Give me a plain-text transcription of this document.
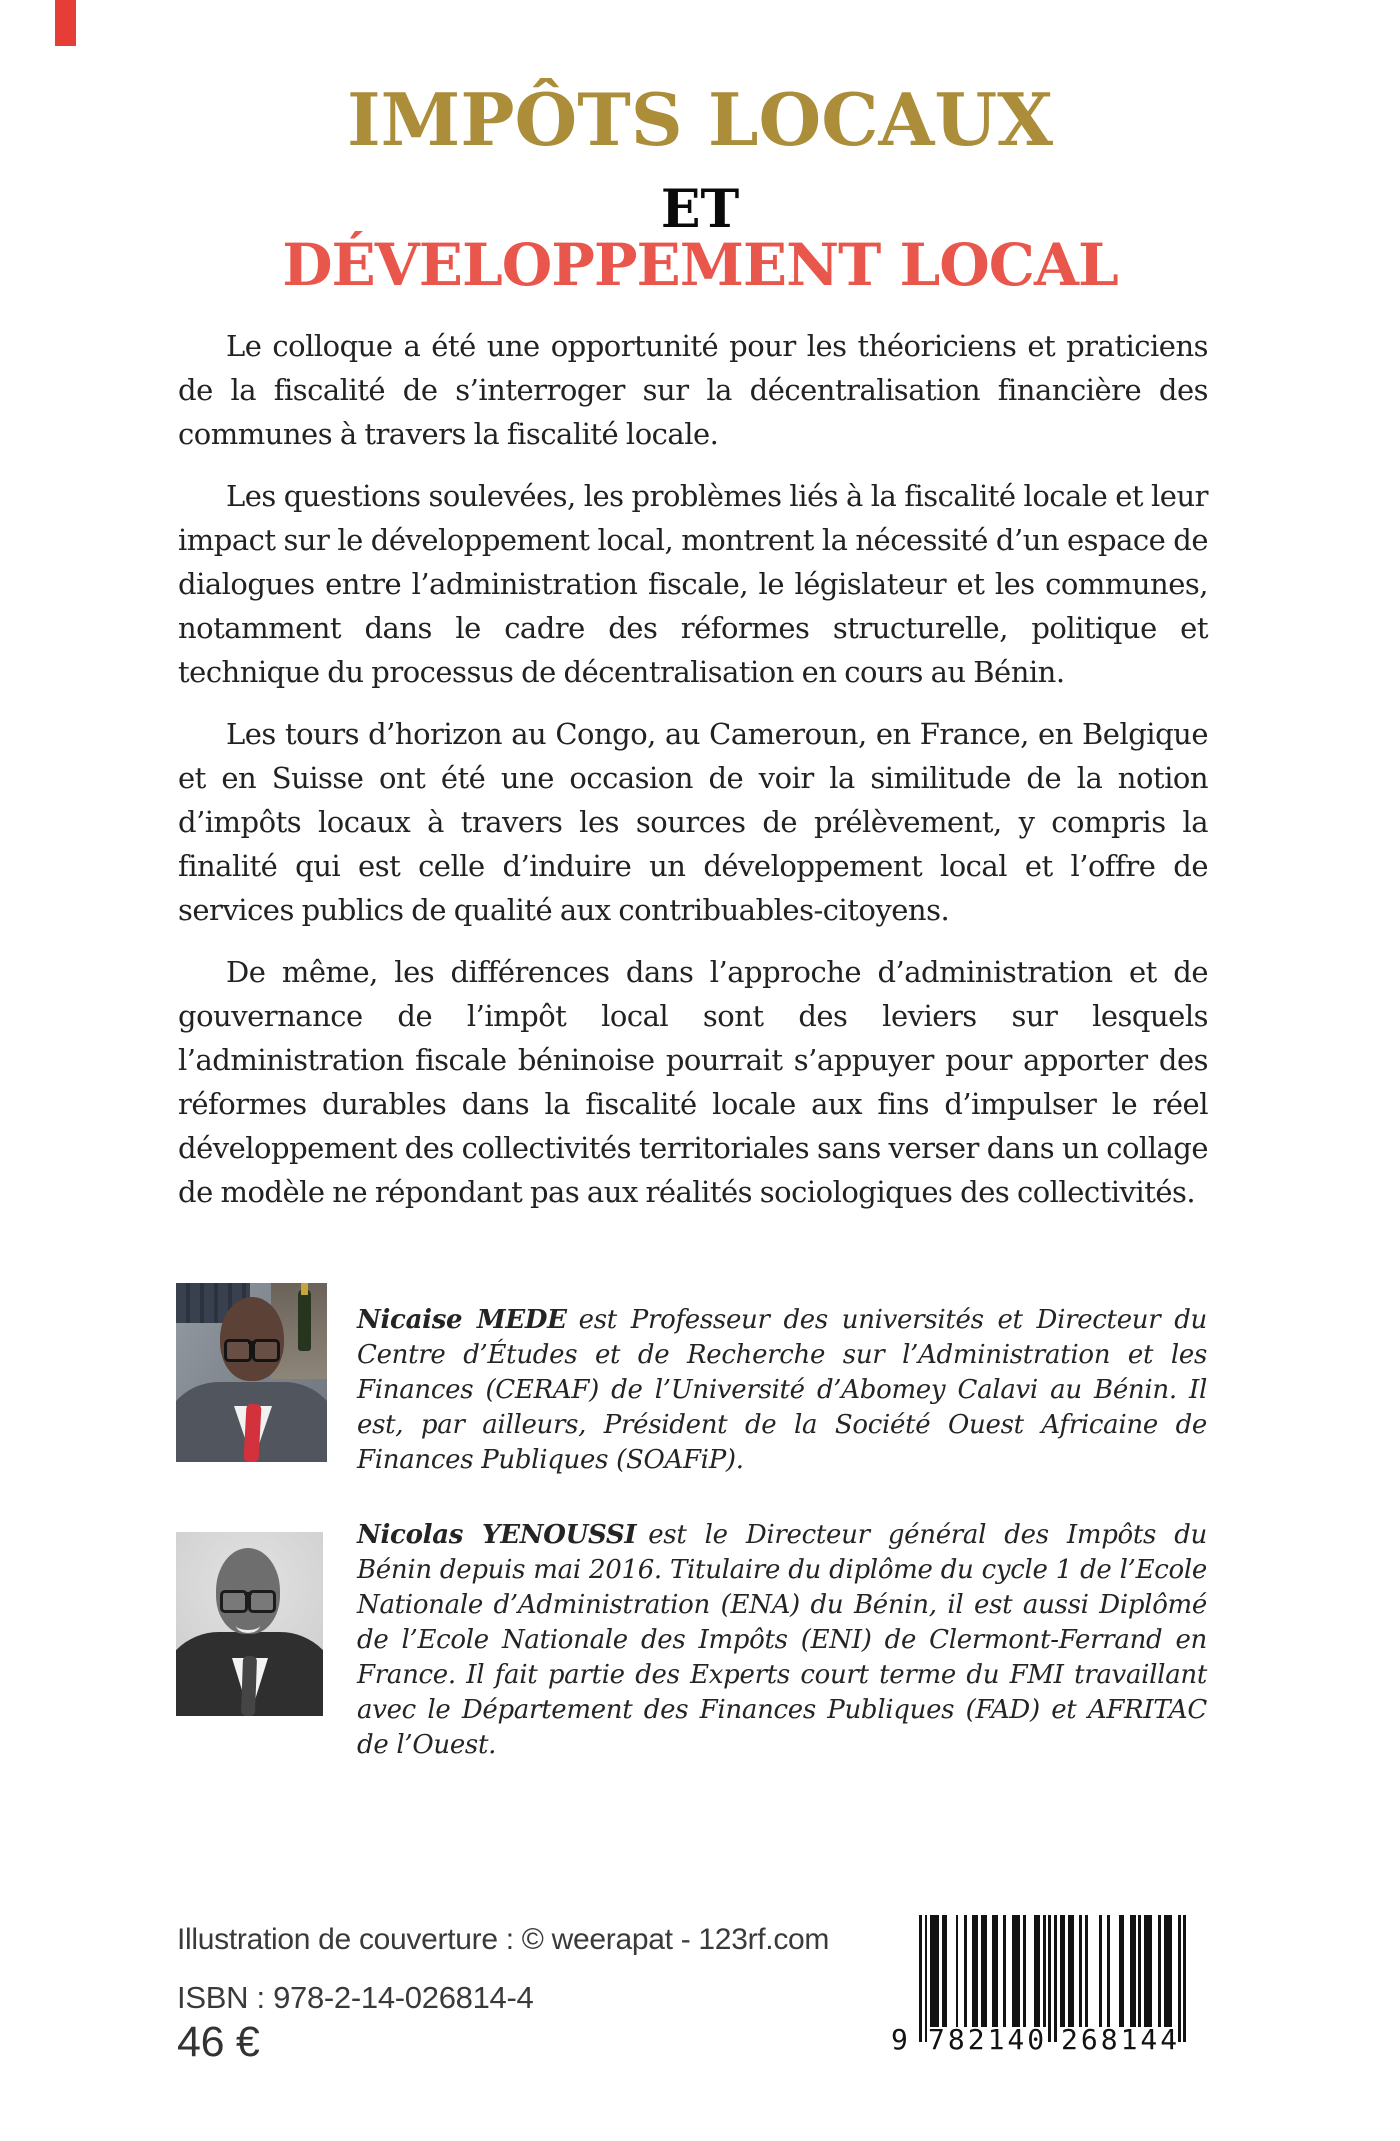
IMPÔTS LOCAUX
ET
DÉVELOPPEMENT LOCAL

Le colloque a été une opportunité pour les théoriciens et praticiens de la fiscalité de s’interroger sur la décentralisation financière des communes à travers la fiscalité locale.

Les questions soulevées, les problèmes liés à la fiscalité locale et leur impact sur le développement local, montrent la nécessité d’un espace de dialogues entre l’administration fiscale, le législateur et les communes, notamment dans le cadre des réformes structurelle, politique et technique du processus de décentralisation en cours au Bénin.

Les tours d’horizon au Congo, au Cameroun, en France, en Belgique et en Suisse ont été une occasion de voir la similitude de la notion d’impôts locaux à travers les sources de prélèvement, y compris la finalité qui est celle d’induire un développement local et l’offre de services publics de qualité aux contribuables-citoyens.

De même, les différences dans l’approche d’administration et de gouvernance de l’impôt local sont des leviers sur lesquels l’administration fiscale béninoise pourrait s’appuyer pour apporter des réformes durables dans la fiscalité locale aux fins d’impulser le réel développement des collectivités territoriales sans verser dans un collage de modèle ne répondant pas aux réalités sociologiques des collectivités.

Nicaise MEDE est Professeur des universités et Directeur du Centre d’Études et de Recherche sur l’Administration et les Finances (CERAF) de l’Université d’Abomey Calavi au Bénin. Il est, par ailleurs, Président de la Société Ouest Africaine de Finances Publiques (SOAFiP).

Nicolas YENOUSSI est le Directeur général des Impôts du Bénin depuis mai 2016. Titulaire du diplôme du cycle 1 de l’Ecole Nationale d’Administration (ENA) du Bénin, il est aussi Diplômé de l’Ecole Nationale des Impôts (ENI) de Clermont-Ferrand en France. Il fait partie des Experts court terme du FMI travaillant avec le Département des Finances Publiques (FAD) et AFRITAC de l’Ouest.

Illustration de couverture : © weerapat - 123rf.com

ISBN : 978-2-14-026814-4

46 €	9 782140 268144
